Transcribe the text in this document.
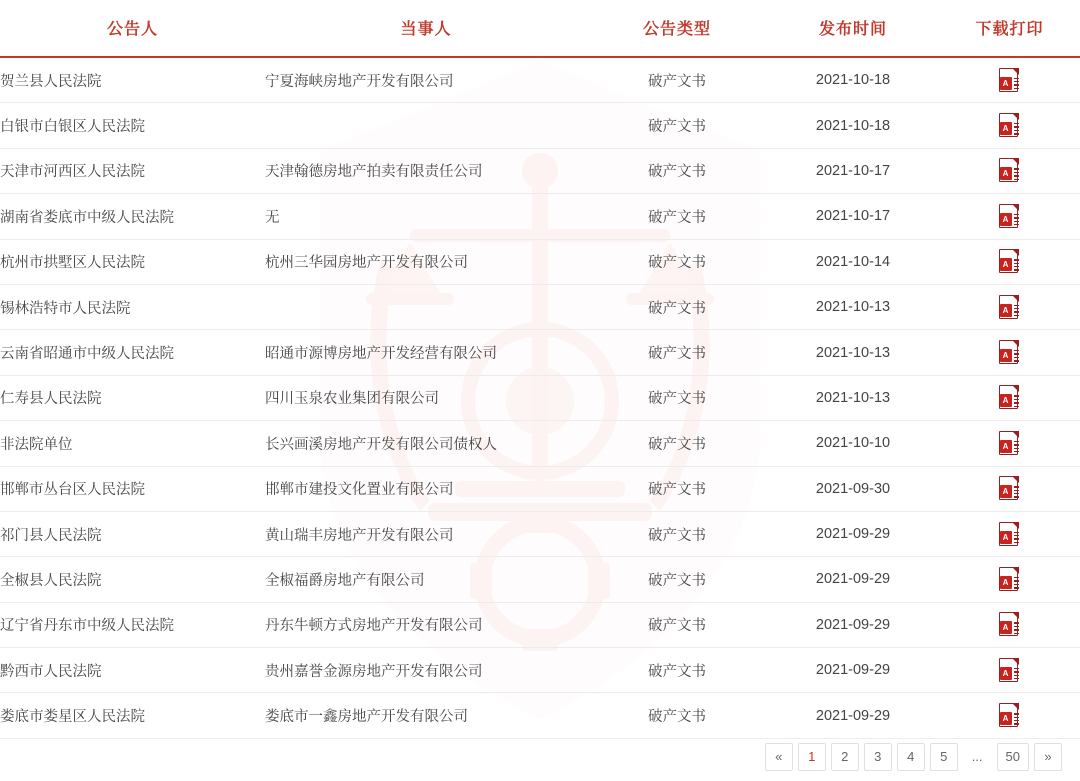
公告人	当事人	公告类型	发布时间	下载打印
贺兰县人民法院	宁夏海峡房地产开发有限公司	破产文书	2021-10-18	A

白银市白银区人民法院		破产文书	2021-10-18	A

天津市河西区人民法院	天津翰德房地产拍卖有限责任公司	破产文书	2021-10-17	A

湖南省娄底市中级人民法院	无	破产文书	2021-10-17	A

杭州市拱墅区人民法院	杭州三华园房地产开发有限公司	破产文书	2021-10-14	A

锡林浩特市人民法院		破产文书	2021-10-13	A

云南省昭通市中级人民法院	昭通市源博房地产开发经营有限公司	破产文书	2021-10-13	A

仁寿县人民法院	四川玉泉农业集团有限公司	破产文书	2021-10-13	A

非法院单位	长兴画溪房地产开发有限公司债权人	破产文书	2021-10-10	A

邯郸市丛台区人民法院	邯郸市建投文化置业有限公司	破产文书	2021-09-30	A

祁门县人民法院	黄山瑞丰房地产开发有限公司	破产文书	2021-09-29	A

全椒县人民法院	全椒福爵房地产有限公司	破产文书	2021-09-29	A

辽宁省丹东市中级人民法院	丹东牛顿方式房地产开发有限公司	破产文书	2021-09-29	A

黔西市人民法院	贵州嘉誉金源房地产开发有限公司	破产文书	2021-09-29	A

娄底市娄星区人民法院	娄底市一鑫房地产开发有限公司	破产文书	2021-09-29	A
«	1	2	3	4	5	...	50	»
